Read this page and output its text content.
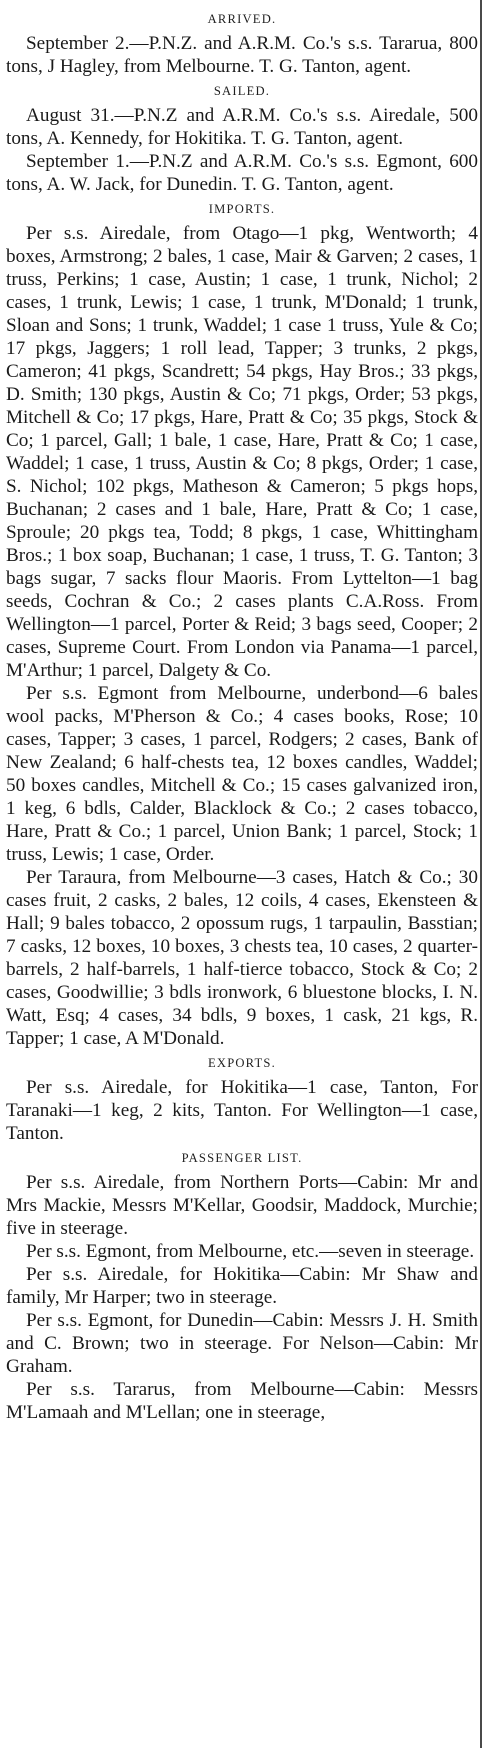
ARRIVED.

September 2.—P.N.Z. and A.R.M. Co.'s s.s. Tararua, 800 tons, J Hagley, from Melbourne. T. G. Tanton, agent.

SAILED.

August 31.—P.N.Z and A.R.M. Co.'s s.s. Airedale, 500 tons, A. Kennedy, for Hokitika. T. G. Tanton, agent.

September 1.—P.N.Z and A.R.M. Co.'s s.s. Egmont, 600 tons, A. W. Jack, for Dunedin. T. G. Tanton, agent.

IMPORTS.

Per s.s. Airedale, from Otago—1 pkg, Wentworth; 4 boxes, Armstrong; 2 bales, 1 case, Mair & Garven; 2 cases, 1 truss, Perkins; 1 case, Austin; 1 case, 1 trunk, Nichol; 2 cases, 1 trunk, Lewis; 1 case, 1 trunk, M'Donald; 1 trunk, Sloan and Sons; 1 trunk, Waddel; 1 case 1 truss, Yule & Co; 17 pkgs, Jaggers; 1 roll lead, Tapper; 3 trunks, 2 pkgs, Cameron; 41 pkgs, Scandrett; 54 pkgs, Hay Bros.; 33 pkgs, D. Smith; 130 pkgs, Austin & Co; 71 pkgs, Order; 53 pkgs, Mitchell & Co; 17 pkgs, Hare, Pratt & Co; 35 pkgs, Stock & Co; 1 parcel, Gall; 1 bale, 1 case, Hare, Pratt & Co; 1 case, Waddel; 1 case, 1 truss, Austin & Co; 8 pkgs, Order; 1 case, S. Nichol; 102 pkgs, Matheson & Cameron; 5 pkgs hops, Buchanan; 2 cases and 1 bale, Hare, Pratt & Co; 1 case, Sproule; 20 pkgs tea, Todd; 8 pkgs, 1 case, Whittingham Bros.; 1 box soap, Buchanan; 1 case, 1 truss, T. G. Tanton; 3 bags sugar, 7 sacks flour Maoris. From Lyttelton—1 bag seeds, Cochran & Co.; 2 cases plants C.A.Ross. From Wellington—1 parcel, Porter & Reid; 3 bags seed, Cooper; 2 cases, Supreme Court. From London via Panama—1 parcel, M'Arthur; 1 parcel, Dalgety & Co.

Per s.s. Egmont from Melbourne, underbond—6 bales wool packs, M'Pherson & Co.; 4 cases books, Rose; 10 cases, Tapper; 3 cases, 1 parcel, Rodgers; 2 cases, Bank of New Zealand; 6 half-chests tea, 12 boxes candles, Waddel; 50 boxes candles, Mitchell & Co.; 15 cases galvanized iron, 1 keg, 6 bdls, Calder, Blacklock & Co.; 2 cases tobacco, Hare, Pratt & Co.; 1 parcel, Union Bank; 1 parcel, Stock; 1 truss, Lewis; 1 case, Order.

Per Taraura, from Melbourne—3 cases, Hatch & Co.; 30 cases fruit, 2 casks, 2 bales, 12 coils, 4 cases, Ekensteen & Hall; 9 bales tobacco, 2 opossum rugs, 1 tarpaulin, Basstian; 7 casks, 12 boxes, 10 boxes, 3 chests tea, 10 cases, 2 quarter-barrels, 2 half-barrels, 1 half-tierce tobacco, Stock & Co; 2 cases, Goodwillie; 3 bdls ironwork, 6 bluestone blocks, I. N. Watt, Esq; 4 cases, 34 bdls, 9 boxes, 1 cask, 21 kgs, R. Tapper; 1 case, A M'Donald.

EXPORTS.

Per s.s. Airedale, for Hokitika—1 case, Tanton, For Taranaki—1 keg, 2 kits, Tanton. For Wellington—1 case, Tanton.

PASSENGER LIST.

Per s.s. Airedale, from Northern Ports—Cabin: Mr and Mrs Mackie, Messrs M'Kellar, Goodsir, Maddock, Murchie; five in steerage.

Per s.s. Egmont, from Melbourne, etc.—seven in steerage.

Per s.s. Airedale, for Hokitika—Cabin: Mr Shaw and family, Mr Harper; two in steerage.

Per s.s. Egmont, for Dunedin—Cabin: Messrs J. H. Smith and C. Brown; two in steerage. For Nelson—Cabin: Mr Graham.

Per s.s. Tararus, from Melbourne—Cabin: Messrs M'Lamaah and M'Lellan; one in steerage,
